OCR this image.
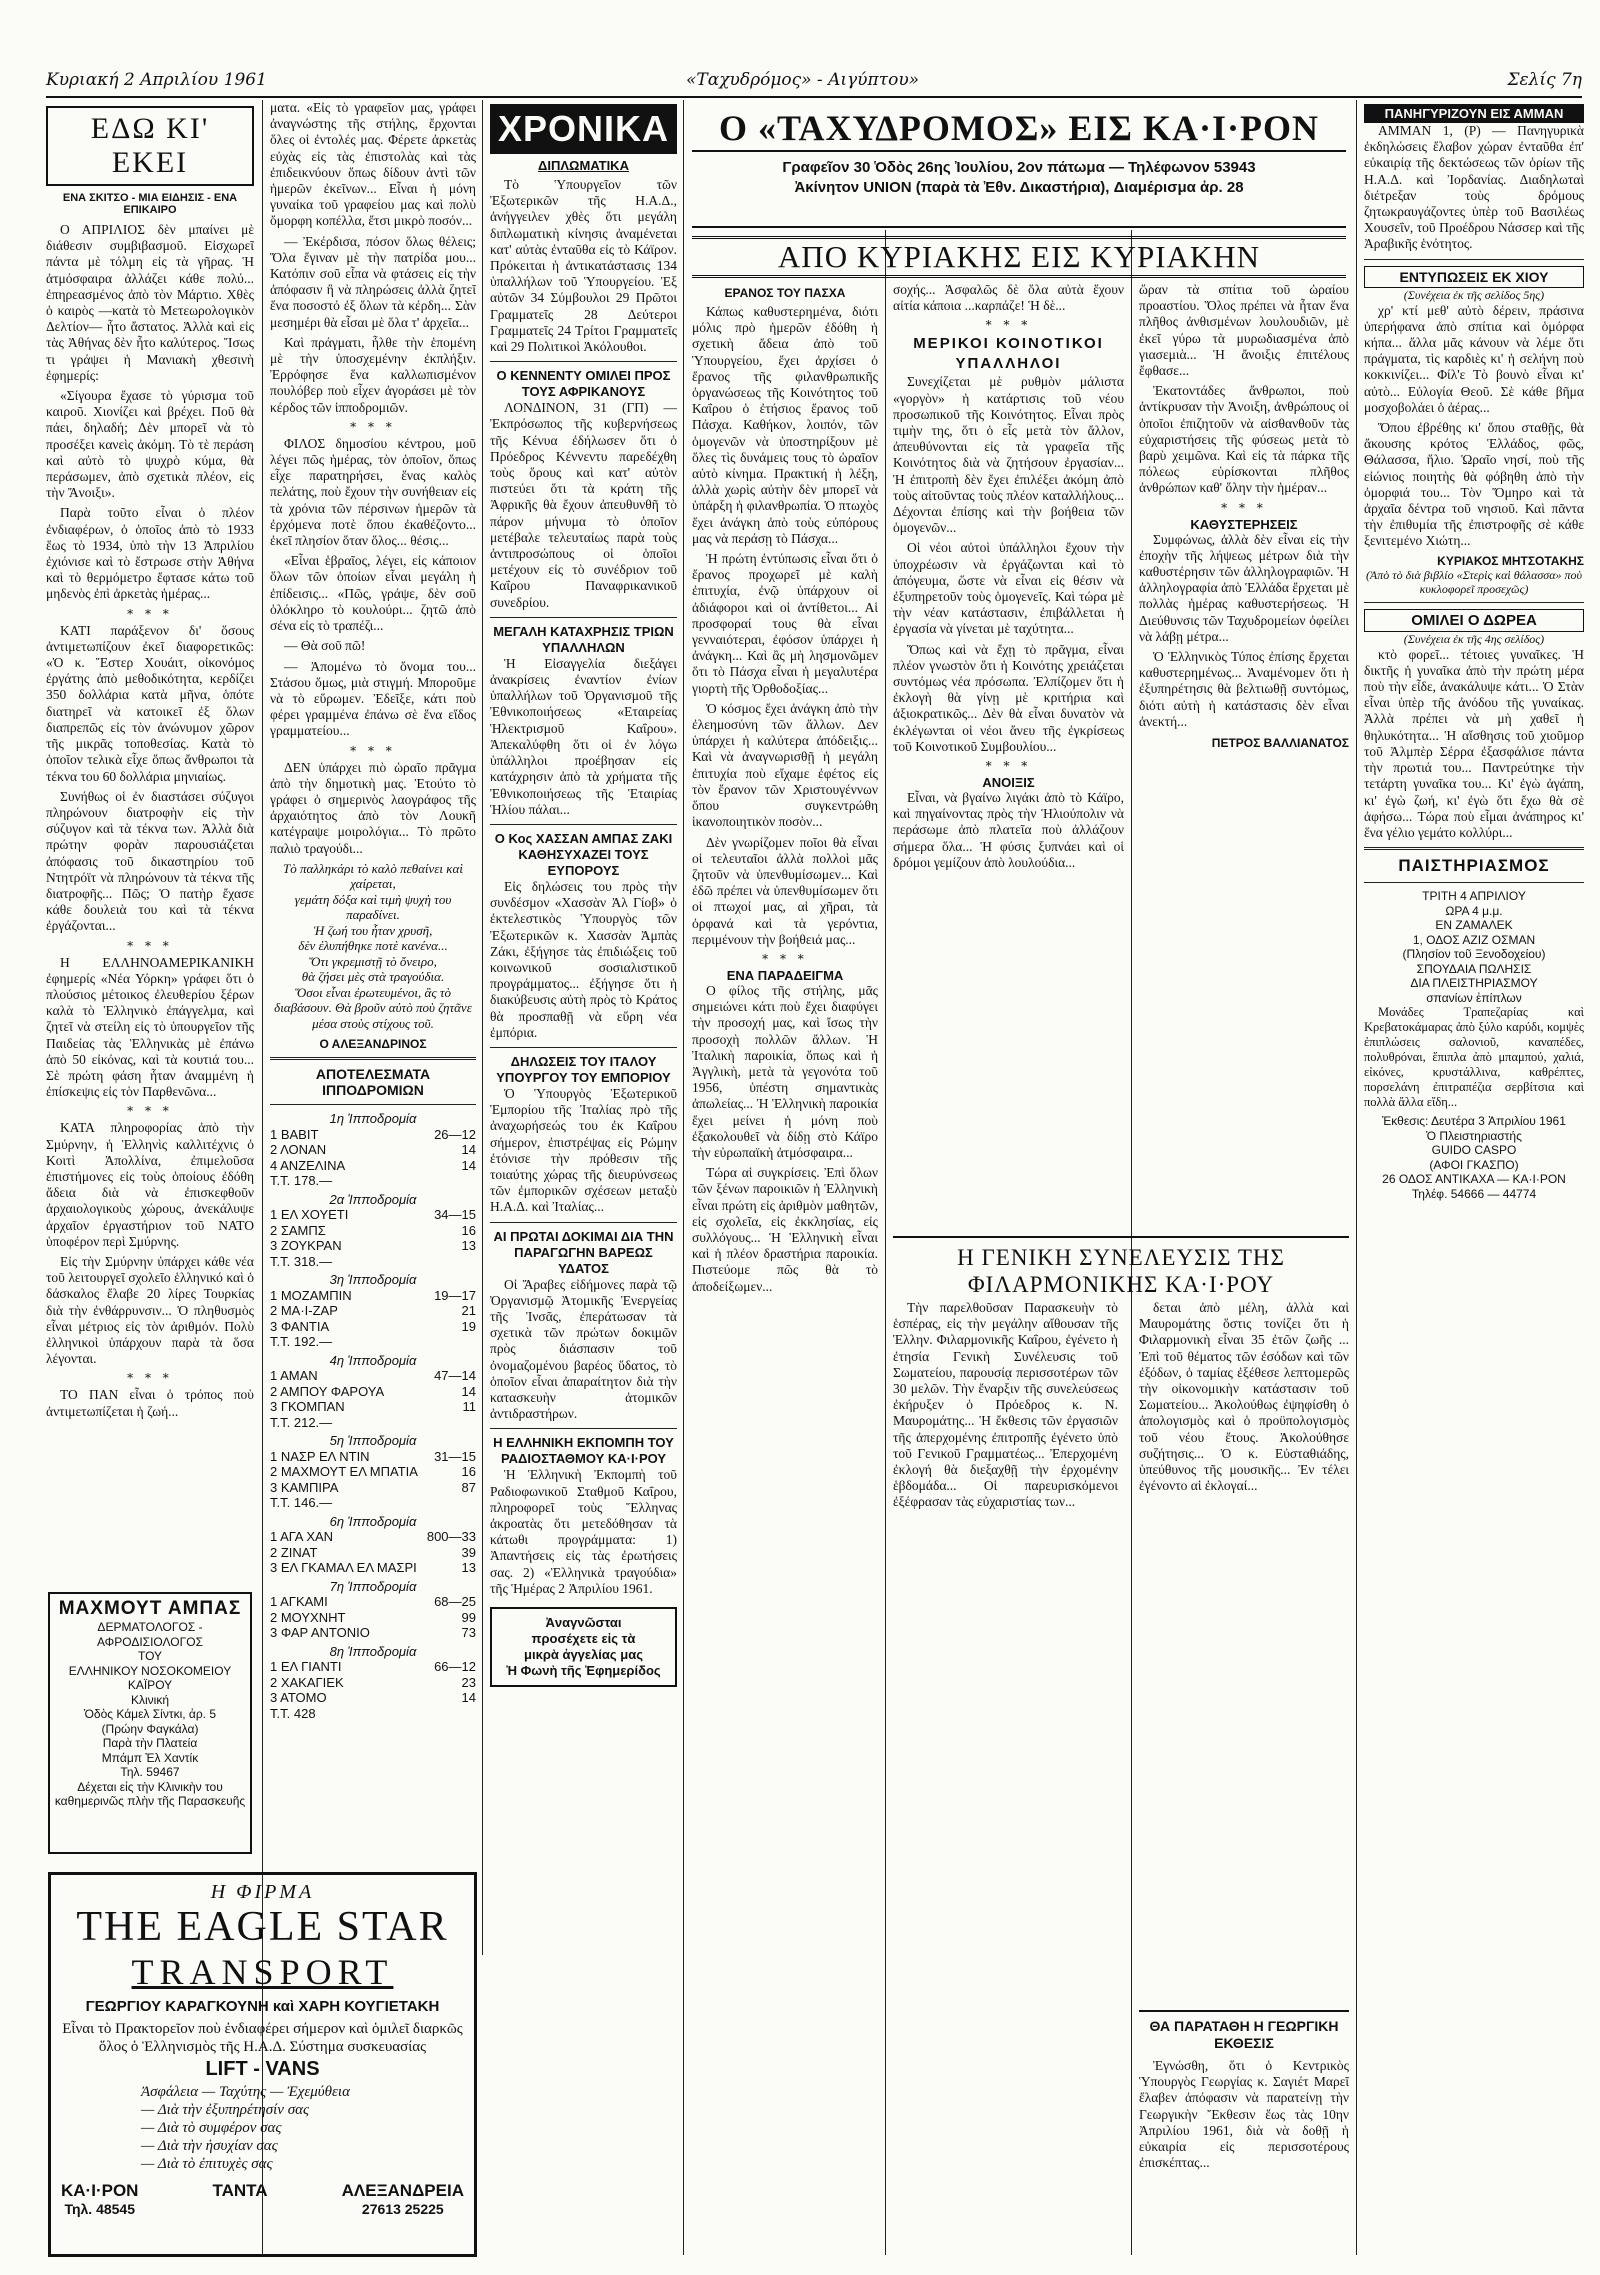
Κυριακή 2 Απριλίου 1961	«Ταχυδρόμος» - Αιγύπτου»	Σελίς 7η
ΕΔΩ ΚΙ' ΕΚΕΙ
ΕΝΑ ΣΚΙΤΣΟ - ΜΙΑ ΕΙΔΗΣΙΣ - ΕΝΑ ΕΠΙΚΑΙΡΟ

Ο ΑΠΡΙΛΙΟΣ δὲν μπαίνει μὲ διάθεσιν συμβιβασμοῦ. Εἰσχωρεῖ πάντα μὲ τόλμη εἰς τὰ γῆρας. Ἡ ἀτμόσφαιρα ἀλλάζει κάθε πολύ... ἐπηρεασμένος ἀπὸ τὸν Μάρτιο. Χθὲς ὁ καιρὸς —κατὰ τὸ Μετεωρολογικὸν Δελτίον— ἦτο ἄστατος. Ἀλλὰ καὶ εἰς τὰς Ἀθήνας δὲν ἦτο καλύτερος. Ἴσως τι γράψει ἡ Μανιακὴ χθεσινὴ ἐφημερίς:

«Σίγουρα ἔχασε τὸ γύρισμα τοῦ καιροῦ. Χιονίζει καὶ βρέχει. Ποῦ θὰ πάει, δηλαδή; Δὲν μπορεῖ νὰ τὸ προσέξει κανεὶς ἀκόμη. Τὸ τὲ περάση καὶ αὐτὸ τὸ ψυχρὸ κύμα, θὰ περάσωμεν, ἀπὸ σχετικὰ πλέον, εἰς τὴν Ἄνοιξι».

Παρὰ τοῦτο εἶναι ὁ πλέον ἐνδιαφέρων, ὁ ὁποῖος ἀπὸ τὸ 1933 ἕως τὸ 1934, ὑπὸ τὴν 13 Ἀπριλίου ἐχιόνισε καὶ τὸ ἔστρωσε στὴν Ἀθήνα καὶ τὸ θερμόμετρο ἔφτασε κάτω τοῦ μηδενὸς ἐπὶ ἀρκετὰς ἡμέρας...

* * *

ΚΑΤΙ παράξενον δι' ὅσους ἀντιμετωπίζουν ἐκεῖ διαφορετικῶς: «Ὁ κ. Ἔστερ Χουάιτ, οἰκονόμος ἐργάτης ἀπὸ μεθοδικότητα, κερδίζει 350 δολλάρια κατὰ μῆνα, ὁπότε διατηρεῖ νὰ κατοικεῖ ἐξ ὅλων διαπρεπῶς εἰς τὸν ἀνώνυμον χῶρον τῆς μικρᾶς τοποθεσίας. Κατὰ τὸ ὁποῖον τελικὰ εἶχε ὅπως ἄνθρωποι τὰ τέκνα του 60 δολλάρια μηνιαίως.

Συνήθως οἱ ἐν διαστάσει σύζυγοι πληρώνουν διατροφὴν εἰς τὴν σύζυγον καὶ τὰ τέκνα των. Ἀλλὰ διὰ πρώτην φορὰν παρουσιάζεται ἀπόφασις τοῦ δικαστηρίου τοῦ Ντητρόϊτ νὰ πληρώνουν τὰ τέκνα τῆς διατροφῆς... Πῶς; Ὁ πατὴρ ἔχασε κάθε δουλειὰ του καὶ τὰ τέκνα ἐργάζονται...

* * *

Η ΕΛΛΗΝΟΑΜΕΡΙΚΑΝΙΚΗ ἐφημερίς «Νέα Υόρκη» γράφει ὅτι ὁ πλούσιος μέτοικος ἐλευθερίου ξέρων καλὰ τὸ Ἑλληνικὸ ἐπάγγελμα, καὶ ζητεῖ νὰ στείλη εἰς τὸ ὑπουργεῖον τῆς Παιδείας τὰς Ἑλληνικὰς μὲ ἐπάνω ἀπὸ 50 εἰκόνας, καὶ τὰ κουτιά του... Σὲ πρώτη φάση ἦταν ἀναμμένη ἡ ἐπίσκεψις εἰς τὸν Παρθενῶνα...

* * *

ΚΑΤΑ πληροφορίας ἀπὸ τὴν Σμύρνην, ἡ Ἑλληνὶς καλλιτέχνις ὁ Κοιτὶ Ἀπολλίνα, ἐπιμελοῦσα ἐπιστήμονες εἰς τοὺς ὁποίους ἐδόθη ἄδεια διὰ νὰ ἐπισκεφθοῦν ἀρχαιολογικοὺς χώρους, ἀνεκάλυψε ἀρχαῖον ἐργαστήριον τοῦ ΝΑΤΟ ὑποφέρον περὶ Σμύρνης.

Εἰς τὴν Σμύρνην ὑπάρχει κάθε νέα τοῦ λειτουργεῖ σχολεῖο ἑλληνικό καὶ ὁ δάσκαλος ἔλαβε 20 λίρες Τουρκίας διὰ τὴν ἐνθάρρυνσιν... Ὁ πληθυσμὸς εἶναι μέτριος εἰς τὸν ἀριθμόν. Πολὺ ἐλληνικοὶ ὑπάρχουν παρὰ τὰ ὅσα λέγονται.

* * *

ΤΟ ΠΑΝ εἶναι ὁ τρόπος ποὺ ἀντιμετωπίζεται ἡ ζωή...

ΜΑΧΜΟΥΤ ΑΜΠΑΣ
ΔΕΡΜΑΤΟΛΟΓΟΣ -
ΑΦΡΟΔΙΣΙΟΛΟΓΟΣ
ΤΟΥ
ΕΛΛΗΝΙΚΟΥ ΝΟΣΟΚΟΜΕΙΟΥ
ΚΑΪΡΟΥ
Κλινική
Ὁδὸς Κάμελ Σίντκι, ἀρ. 5
(Πρώην Φαγκάλα)
Παρὰ τὴν Πλατεία
Μπάμπ Ἐλ Χαντίκ
Τηλ. 59467
Δέχεται εἰς τὴν Κλινικὴν του καθημερινῶς πλὴν τῆς Παρασκευῆς

ματα. «Εἰς τὸ γραφεῖον μας, γράφει ἀναγνώστης τῆς στήλης, ἔρχονται ὅλες οἱ ἐντολές μας. Φέρετε ἀρκετὰς εὐχὰς εἰς τὰς ἐπιστολὰς καὶ τὰς ἐπιδεικνύουν ὅπως δίδουν ἀντὶ τῶν ἡμερῶν ἐκεῖνων... Εἶναι ἡ μόνη γυναίκα τοῦ γραφείου μας καὶ πολὺ ὄμορφη κοπέλλα, ἔτσι μικρὸ ποσόν...

— Ἐκέρδισα, πόσον ὅλως θέλεις; Ὅλα ἔγιναν μὲ τὴν πατρίδα μου... Κατόπιν σοῦ εἶπα νὰ φτάσεις εἰς τὴν ἀπόφασιν ἢ νὰ πληρώσεις ἀλλὰ ζητεῖ ἕνα ποσοστό ἐξ ὅλων τὰ κέρδη... Σὰν μεσημέρι θὰ εἶσαι μὲ ὅλα τ' ἀρχεῖα...

Καὶ πράγματι, ἦλθε τὴν ἑπομένη μὲ τὴν ὑποσχεμένην ἐκπλήξιν. Ἐρρόφησε ἕνα καλλωπισμένον πουλόβερ ποὺ εἶχεν ἀγοράσει μὲ τὸν κέρδος τῶν ἱπποδρομιῶν.

* * *

ΦΙΛΟΣ δημοσίου κέντρου, μοῦ λέγει πῶς ἡμέρας, τὸν ὁποῖον, ὅπως εἶχε παρατηρήσει, ἕνας καλὸς πελάτης, ποὺ ἔχουν τὴν συνήθειαν εἰς τὰ χρόνια τῶν πέρσινων ἡμερῶν τὰ ἐρχόμενα ποτὲ ὅπου ἐκαθέζοντο... ἐκεῖ πλησίον ὅταν ὅλος... θέσις...

«Εἶναι ἑβραῖος, λέγει, εἰς κάποιον ὅλων τῶν ὁποίων εἶναι μεγάλη ἡ ἐπίδεισις... «Πῶς, γράψε, δὲν σοῦ ὁλόκληρο τὸ κουλούρι... ζητῶ ἀπὸ σένα εἰς τὸ τραπέζι...

— Θὰ σοῦ πῶ!

— Ἀπομένω τὸ ὄνομα του... Στάσου ὅμως, μιὰ στιγμή. Μποροῦμε νὰ τὸ εὕρωμεν. Ἐδεῖξε, κάτι ποὺ φέρει γραμμένα ἐπάνω σὲ ἕνα εἴδος γραμματείου...

* * *

ΔΕΝ ὑπάρχει πιὸ ὡραῖο πρᾶγμα ἀπὸ τὴν δημοτικὴ μας. Ἐτούτο τὸ γράφει ὁ σημερινὸς λαογράφος τῆς ἀρχαιότητος ἀπὸ τὸν Λουκῆ κατέγραψε μοιρολόγια... Τὸ πρῶτο παλιὸ τραγούδι...

Τὸ παλληκάρι τὸ καλὸ πεθαίνει καὶ χαίρεται,
γεμάτη δόξα καὶ τιμὴ ψυχὴ του παραδίνει.
Ἡ ζωή του ἦταν χρυσῆ,
δὲν ἐλυπήθηκε ποτὲ κανένα...
Ὅτι γκρεμιστῇ τὸ ὄνειρο,
θὰ ζήσει μὲς στὰ τραγούδια.
Ὅσοι εἶναι ἐρωτευμένοι, ἂς τὸ διαβάσουν. Θὰ βροῦν αὐτὸ ποὺ ζητᾶνε μέσα στοὺς στίχους τοῦ.
Ο ΑΛΕΞΑΝΔΡΙΝΟΣ
ΑΠΟΤΕΛΕΣΜΑΤΑ ΙΠΠΟΔΡΟΜΙΩΝ
1η Ἱπποδρομία
1 ΒΑΒΙΤ	26—12
2 ΛΟΝΑΝ	14
4 ΑΝΖΕΛΙΝΑ	14
Τ.Τ. 178.—
2α Ἱπποδρομία
1 ΕΛ ΧΟΥΕΤΙ	34—15
2 ΣΑΜΠΣ	16
3 ΖΟΥΚΡΑΝ	13
Τ.Τ. 318.—
3η Ἱπποδρομία
1 ΜΟΖΑΜΠΙΝ	19—17
2 ΜΑ·Ι-ΖΑΡ	21
3 ΦΑΝΤΙΑ	19
Τ.Τ. 192.—
4η Ἱπποδρομία
1 ΑΜΑΝ	47—14
2 ΑΜΠΟΥ ΦΑΡΟΥΑ	14
3 ΓΚΟΜΠΑΝ	11
Τ.Τ. 212.—
5η Ἱπποδρομία
1 ΝΑΣΡ ΕΛ ΝΤΙΝ	31—15
2 ΜΑΧΜΟΥΤ ΕΛ ΜΠΑΤΙΑ	16
3 ΚΑΜΠΙΡΑ	87
Τ.Τ. 146.—
6η Ἱπποδρομία
1 ΑΓΑ ΧΑΝ	800—33
2 ΖΙΝΑΤ	39
3 ΕΛ ΓΚΑΜΑΛ ΕΛ ΜΑΣΡΙ	13
7η Ἱπποδρομία
1 ΑΓΚΑΜΙ	68—25
2 ΜΟΥΧΝΗΤ	99
3 ΦΑΡ ΑΝΤΟΝΙΟ	73
8η Ἱπποδρομία
1 ΕΛ ΓΙΑΝΤΙ	66—12
2 ΧΑΚΑΓΙΕΚ	23
3 ΑΤΟΜΟ	14
Τ.Τ. 428
Η ΦΙΡΜΑ
THE EAGLE STAR
TRANSPORT
ΓΕΩΡΓΙΟΥ ΚΑΡΑΓΚΟΥΝΗ καὶ ΧΑΡΗ ΚΟΥΓΙΕΤΑΚΗ
Εἶναι τὸ Πρακτορεῖον ποὺ ἐνδιαφέρει σήμερον καὶ ὁμιλεῖ διαρκῶς ὅλος ὁ Ἑλληνισμὸς τῆς Η.Α.Δ. Σύστημα συσκευασίας
LIFT - VANS
Ἀσφάλεια — Ταχύτης — Ἐχεμύθεια
— Διὰ τὴν ἐξυπηρέτησίν σας
— Διὰ τὸ συμφέρον σας
— Διὰ τὴν ἡσυχίαν σας
— Διὰ τὸ ἐπιτυχὲς σας
ΚΑ·Ι·ΡΟΝ
Τηλ. 48545
ΤΑΝΤΑ	ΑΛΕΞΑΝΔΡΕΙΑ
27613 25225
ΧΡΟΝΙΚΑ
ΔΙΠΛΩΜΑΤΙΚΑ

Τὸ Ὑπουργεῖον τῶν Ἐξωτερικῶν τῆς Η.Α.Δ., ἀνήγγειλεν χθὲς ὅτι μεγάλη διπλωματικὴ κίνησις ἀναμένεται κατ' αὐτὰς ἐνταῦθα εἰς τὸ Κάϊρον. Πρόκειται ἡ ἀντικατάστασις 134 ὑπαλλήλων τοῦ Ὑπουργείου. Ἐξ αὐτῶν 34 Σύμβουλοι 29 Πρῶτοι Γραμματεῖς 28 Δεύτεροι Γραμματεῖς 24 Τρίτοι Γραμματεῖς καὶ 29 Πολιτικοὶ Ἀκόλουθοι.

Ο ΚΕΝΝΕΝΤΥ ΟΜΙΛΕΙ ΠΡΟΣ ΤΟΥΣ ΑΦΡΙΚΑΝΟΥΣ

ΛΟΝΔΙΝΟΝ, 31 (ΓΠ) — Ἐκπρόσωπος τῆς κυβερνήσεως τῆς Κένυα ἐδήλωσεν ὅτι ὁ Πρόεδρος Κέννεντυ παρεδέχθη τοὺς ὅρους καὶ κατ' αὐτὸν πιστεύει ὅτι τὰ κράτη τῆς Ἀφρικῆς θὰ ἔχουν ἀπευθυνθῆ τὸ πάρον μήνυμα τὸ ὁποῖον μετέβαλε τελευταίως παρὰ τοὺς ἀντιπροσώπους οἱ ὁποῖοι μετέχουν εἰς τὸ συνέδριον τοῦ Καΐρου Παναφρικανικοῦ συνεδρίου.

ΜΕΓΑΛΗ ΚΑΤΑΧΡΗΣΙΣ ΤΡΙΩΝ ΥΠΑΛΛΗΛΩΝ

Ἡ Εἰσαγγελία διεξάγει ἀνακρίσεις ἐναντίον ἐνίων ὑπαλλήλων τοῦ Ὀργανισμοῦ τῆς Ἐθνικοποιήσεως «Εταιρείας Ἡλεκτρισμοῦ Καΐρου». Ἀπεκαλύφθη ὅτι οἱ ἐν λόγω ὑπάλληλοι προέβησαν εἰς κατάχρησιν ἀπὸ τὰ χρήματα τῆς Ἐθνικοποιήσεως τῆς Ἑταιρίας Ἡλίου πάλαι...

Ο Κος ΧΑΣΣΑΝ ΑΜΠΑΣ ΖΑΚΙ ΚΑΘΗΣΥΧΑΖΕΙ ΤΟΥΣ ΕΥΠΟΡΟΥΣ

Εἰς δηλώσεις του πρὸς τὴν συνδέσμον «Χασσὰν Ἀλ Γίοβ» ὁ ἐκτελεστικὸς Ὑπουργὸς τῶν Ἐξωτερικῶν κ. Χασσὰν Ἀμπὰς Ζάκι, ἐξήγησε τὰς ἐπιδιώξεις τοῦ κοινωνικοῦ σοσιαλιστικοῦ προγράμματος... ἐξήγησε ὅτι ἡ διακύβευσις αὐτὴ πρὸς τὸ Κράτος θὰ προσπαθῇ νὰ εὕρη νέα ἐμπόρια.

ΔΗΛΩΣΕΙΣ ΤΟΥ ΙΤΑΛΟΥ ΥΠΟΥΡΓΟΥ ΤΟΥ ΕΜΠΟΡΙΟΥ

Ὁ Ὑπουργὸς Ἐξωτερικοῦ Ἐμπορίου τῆς Ἰταλίας πρὸ τῆς ἀναχωρήσεώς του ἐκ Καΐρου σήμερον, ἐπιστρέψας εἰς Ρώμην ἐτόνισε τὴν πρόθεσιν τῆς τοιαύτης χώρας τῆς διευρύνσεως τῶν ἐμπορικῶν σχέσεων μεταξὺ Η.Α.Δ. καὶ Ἰταλίας...

ΑΙ ΠΡΩΤΑΙ ΔΟΚΙΜΑΙ ΔΙΑ ΤΗΝ ΠΑΡΑΓΩΓΗΝ ΒΑΡΕΩΣ ΥΔΑΤΟΣ

Οἱ Ἄραβες εἰδήμονες παρὰ τῷ Ὀργανισμῷ Ἀτομικῆς Ἐνεργείας τῆς Ἰνσᾶς, ἐπεράτωσαν τὰ σχετικὰ τῶν πρώτων δοκιμῶν πρὸς διάσπασιν τοῦ ὀνομαζομένου βαρέος ὕδατος, τὸ ὁποῖον εἶναι ἀπαραίτητον διὰ τὴν κατασκευὴν ἀτομικῶν ἀντιδραστήρων.

Η ΕΛΛΗΝΙΚΗ ΕΚΠΟΜΠΗ ΤΟΥ ΡΑΔΙΟΣΤΑΘΜΟΥ ΚΑ·Ι·ΡΟΥ

Ἡ Ἑλληνικὴ Ἐκπομπὴ τοῦ Ραδιοφωνικοῦ Σταθμοῦ Καΐρου, πληροφορεῖ τοὺς Ἕλληνας ἀκροατὰς ὅτι μετεδόθησαν τὰ κάτωθι προγράμματα: 1) Ἀπαντήσεις εἰς τὰς ἐρωτήσεις σας. 2) «Ἐλληνικὰ τραγούδια» τῆς Ἡμέρας 2 Ἀπριλίου 1961.

Ἀναγνῶσται
προσέχετε εἰς τὰ
μικρὰ ἀγγελίας μας
Ἡ Φωνὴ τῆς Ἐφημερίδος
Ο «ΤΑΧΥΔΡΟΜΟΣ» ΕΙΣ ΚΑ·Ι·ΡΟΝ
Γραφεῖον 30 Ὁδὸς 26ης Ἰουλίου, 2ον πάτωμα — Τηλέφωνον 53943
Ἀκίνητον UNION (παρὰ τὰ Ἐθν. Δικαστήρια), Διαμέρισμα ἀρ. 28
ΑΠΟ ΚΥΡΙΑΚΗΣ ΕΙΣ ΚΥΡΙΑΚΗΝ
ΕΡΑΝΟΣ ΤΟΥ ΠΑΣΧΑ

Κάπως καθυστερημένα, διότι μόλις πρὸ ἡμερῶν ἐδόθη ἡ σχετικὴ ἄδεια ἀπὸ τοῦ Ὑπουργείου, ἔχει ἀρχίσει ὁ ἔρανος τῆς φιλανθρωπικῆς ὀργανώσεως τῆς Κοινότητος τοῦ Καΐρου ὁ ἐτήσιος ἔρανος τοῦ Πάσχα. Καθήκον, λοιπόν, τῶν ὁμογενῶν νὰ ὑποστηρίξουν μὲ ὅλες τὶς δυνάμεις τους τὸ ὡραῖον αὐτὸ κίνημα. Πρακτική ἡ λέξη, ἀλλὰ χωρὶς αὐτὴν δὲν μπορεῖ νὰ ὑπάρξη ἡ φιλανθρωπία. Ὁ πτωχὸς ἔχει ἀνάγκη ἀπὸ τοὺς εὐπόρους μας νὰ περάσῃ τὸ Πάσχα...

Ἡ πρώτη ἐντύπωσις εἶναι ὅτι ὁ ἔρανος προχωρεῖ μὲ καλὴ ἐπιτυχία, ἐνῷ ὑπάρχουν οἱ ἀδιάφοροι καὶ οἱ ἀντίθετοι... Αἱ προσφοραί τους θὰ εἶναι γενναιότεραι, ἐφόσον ὑπάρχει ἡ ἀνάγκη... Καὶ ἂς μὴ λησμονῶμεν ὅτι τὸ Πάσχα εἶναι ἡ μεγαλυτέρα γιορτὴ τῆς Ὀρθοδοξίας...

Ὁ κόσμος ἔχει ἀνάγκη ἀπὸ τὴν ἐλεημοσύνη τῶν ἄλλων. Δεν ὑπάρχει ἡ καλύτερα ἀπόδειξις... Καὶ νὰ ἀναγνωρισθῇ ἡ μεγάλη ἐπιτυχία ποὺ εἴχαμε ἐφέτος εἰς τὸν ἔρανον τῶν Χριστουγέννων ὅπου συγκεντρώθη ἱκανοποιητικὸν ποσὸν...

Δὲν γνωρίζομεν ποῖοι θὰ εἶναι οἱ τελευταῖοι ἀλλὰ πολλοὶ μᾶς ζητοῦν νὰ ὑπενθυμίσωμεν... Καὶ ἐδῶ πρέπει νὰ ὑπενθυμίσωμεν ὅτι οἱ πτωχοί μας, αἱ χῆραι, τὰ ὀρφανά καὶ τὰ γερόντια, περιμένουν τὴν βοήθειά μας...

* * *
ΕΝΑ ΠΑΡΑΔΕΙΓΜΑ

Ο φίλος τῆς στήλης, μᾶς σημειώνει κάτι ποὺ ἔχει διαφύγει τὴν προσοχή μας, καὶ ἴσως τὴν προσοχὴ πολλῶν ἄλλων. Ἡ Ἰταλικὴ παροικία, ὅπως καὶ ἡ Ἀγγλικὴ, μετὰ τὰ γεγονότα τοῦ 1956, ὑπέστη σημαντικὰς ἀπωλείας... Ἡ Ἑλληνικὴ παροικία ἔχει μείνει ἡ μόνη ποὺ ἐξακολουθεῖ νὰ δίδῃ στὸ Κάϊρο τὴν εὐρωπαϊκὴ ἀτμόσφαιρα...

Τώρα αἱ συγκρίσεις. Ἐπὶ ὅλων τῶν ξένων παροικιῶν ἡ Ἑλληνικὴ εἶναι πρώτη εἰς ἀριθμὸν μαθητῶν, εἰς σχολεῖα, εἰς ἐκκλησίας, εἰς συλλόγους... Ἡ Ἑλληνικὴ εἶναι καὶ ἡ πλέον δραστήρια παροικία. Πιστεύομε πῶς θὰ τὸ ἀποδείξωμεν...

σοχής... Ἀσφαλῶς δὲ ὅλα αὐτὰ ἔχουν αἰτία κάποια ...καρπάζε! Ἡ δὲ...

* * *
ΜΕΡΙΚΟΙ ΚΟΙΝΟΤΙΚΟΙ ΥΠΑΛΛΗΛΟΙ

Συνεχίζεται μὲ ρυθμὸν μάλιστα «γοργὸν» ἡ κατάρτισις τοῦ νέου προσωπικοῦ τῆς Κοινότητος. Εἶναι πρὸς τιμὴν της, ὅτι ὁ εἷς μετὰ τὸν ἄλλον, ἀπευθύνονται εἰς τὰ γραφεῖα τῆς Κοινότητος διὰ νὰ ζητήσουν ἐργασίαν... Ἡ ἐπιτροπὴ δὲν ἔχει ἐπιλέξει ἀκόμη ἀπὸ τοὺς αἰτοῦντας τοὺς πλέον καταλλήλους... Δέχονται ἐπίσης καὶ τὴν βοήθεια τῶν ὁμογενῶν...

Οἱ νέοι αὐτοὶ ὑπάλληλοι ἔχουν τὴν ὑποχρέωσιν νὰ ἐργάζωνται καὶ τὸ ἀπόγευμα, ὥστε νὰ εἶναι εἰς θέσιν νὰ ἐξυπηρετοῦν τοὺς ὁμογενεῖς. Καὶ τώρα μὲ τὴν νέαν κατάστασιν, ἐπιβάλλεται ἡ ἐργασία νὰ γίνεται μὲ ταχύτητα...

Ὅπως καὶ νὰ ἔχῃ τὸ πρᾶγμα, εἶναι πλέον γνωστὸν ὅτι ἡ Κοινότης χρειάζεται συντόμως νέα πρόσωπα. Ἐλπίζομεν ὅτι ἡ ἐκλογὴ θὰ γίνῃ μὲ κριτήρια καὶ ἀξιοκρατικῶς... Δὲν θὰ εἶναι δυνατὸν νὰ ἐκλέγωνται οἱ νέοι ἄνευ τῆς ἐγκρίσεως τοῦ Κοινοτικοῦ Συμβουλίου...

* * *
ΑΝΟΙΞΙΣ

Εἶναι, νὰ βγαίνω λιγάκι ἀπὸ τὸ Κάϊρο, καὶ πηγαίνοντας πρὸς τὴν Ἡλιούπολιν νὰ περάσωμε ἀπὸ πλατεῖα ποὺ ἀλλάζουν σήμερα ὅλα... Ἡ φύσις ξυπνάει καὶ οἱ δρόμοι γεμίζουν ἀπὸ λουλούδια...

ὥραν τὰ σπίτια τοῦ ὡραίου προαστίου. Ὅλος πρέπει νὰ ἦταν ἕνα πλῆθος ἀνθισμένων λουλουδιῶν, μὲ ἐκεῖ γύρω τὰ μυρωδιασμένα ἀπὸ γιασεμιὰ... Ἡ ἄνοιξις ἐπιτέλους ἔφθασε...

Ἐκατοντάδες ἄνθρωποι, ποὺ ἀντίκρυσαν τὴν Ἀνοιξη, ἀνθρώπους οἱ ὁποῖοι ἐπιζητοῦν νὰ αἰσθανθοῦν τὰς εὐχαριστήσεις τῆς φύσεως μετὰ τὸ βαρὺ χειμῶνα. Καὶ εἰς τὰ πάρκα τῆς πόλεως εὑρίσκονται πλῆθος ἀνθρώπων καθ' ὅλην τὴν ἡμέραν...

* * *
ΚΑΘΥΣΤΕΡΗΣΕΙΣ

Συμφώνως, ἀλλὰ δὲν εἶναι εἰς τὴν ἐποχὴν τῆς λήψεως μέτρων διὰ τὴν καθυστέρησιν τῶν ἀλληλογραφιῶν. Ἡ ἀλληλογραφία ἀπὸ Ἑλλάδα ἔρχεται μὲ πολλὰς ἡμέρας καθυστερήσεως. Ἡ Διεύθυνσις τῶν Ταχυδρομείων ὀφείλει νὰ λάβῃ μέτρα...

Ὁ Ἑλληνικὸς Τύπος ἐπίσης ἔρχεται καθυστερημένως... Ἀναμένομεν ὅτι ἡ ἐξυπηρέτησις θὰ βελτιωθῇ συντόμως, διότι αὐτὴ ἡ κατάστασις δὲν εἶναι ἀνεκτή...

ΠΕΤΡΟΣ ΒΑΛΛΙΑΝΑΤΟΣ
Η ΓΕΝΙΚΗ ΣΥΝΕΛΕΥΣΙΣ ΤΗΣ ΦΙΛΑΡΜΟΝΙΚΗΣ ΚΑ·Ι·ΡΟΥ

Τὴν παρελθοῦσαν Παρασκευὴν τὸ ἑσπέρας, εἰς τὴν μεγάλην αἴθουσαν τῆς Ἑλλην. Φιλαρμονικῆς Καΐρου, ἐγένετο ἡ ἐτησία Γενικὴ Συνέλευσις τοῦ Σωματείου, παρουσίᾳ περισσοτέρων τῶν 30 μελῶν. Τὴν ἔναρξιν τῆς συνελεύσεως ἐκήρυξεν ὁ Πρόεδρος κ. Ν. Μαυρομάτης... Ἡ ἔκθεσις τῶν ἐργασιῶν τῆς ἀπερχομένης ἐπιτροπῆς ἐγένετο ὑπὸ τοῦ Γενικοῦ Γραμματέως... Ἐπερχομένη ἐκλογή θὰ διεξαχθῇ τὴν ἐρχομένην ἑβδομάδα... Οἱ παρευρισκόμενοι ἐξέφρασαν τὰς εὐχαριστίας των...

δεται ἀπὸ μέλη, ἀλλὰ καὶ Μαυρομάτης ὅστις τονίζει ὅτι ἡ Φιλαρμονικὴ εἶναι 35 ἐτῶν ζωῆς ... Ἐπὶ τοῦ θέματος τῶν ἐσόδων καὶ τῶν ἐξόδων, ὁ ταμίας ἐξέθεσε λεπτομερῶς τὴν οἰκονομικὴν κατάστασιν τοῦ Σωματείου... Ἀκολούθως ἐψηφίσθη ὁ ἀπολογισμὸς καὶ ὁ προϋπολογισμὸς τοῦ νέου ἔτους. Ἀκολούθησε συζήτησις... Ὁ κ. Εὐσταθιάδης, ὑπεύθυνος τῆς μουσικῆς... Ἐν τέλει ἐγένοντο αἱ ἐκλογαί...

ΘΑ ΠΑΡΑΤΑΘΗ Η ΓΕΩΡΓΙΚΗ ΕΚΘΕΣΙΣ

Ἐγνώσθη, ὅτι ὁ Κεντρικὸς Ὑπουργὸς Γεωργίας κ. Σαγιέτ Μαρεῖ ἔλαβεν ἀπόφασιν νὰ παρατείνῃ τὴν Γεωργικὴν Ἔκθεσιν ἕως τὰς 10ην Ἀπριλίου 1961, διὰ νὰ δοθῇ ἡ εὐκαιρία εἰς περισσοτέρους ἐπισκέπτας...

ΠΑΝΗΓΥΡΙΖΟΥΝ ΕΙΣ ΑΜΜΑΝ

ΑΜΜΑΝ 1, (Ρ) — Πανηγυρικὰ ἐκδηλώσεις ἔλαβον χώραν ἐνταῦθα ἐπ' εὐκαιρίᾳ τῆς δεκτώσεως τῶν ὁρίων τῆς Η.Α.Δ. καὶ Ἰορδανίας. Διαδηλωταὶ διέτρεξαν τοὺς δρόμους ζητωκραυγάζοντες ὑπὲρ τοῦ Βασιλέως Χουσεΐν, τοῦ Προέδρου Νάσσερ καὶ τῆς Ἀραβικῆς ἑνότητος.

ΕΝΤΥΠΩΣΕΙΣ ΕΚ ΧΙΟΥ
(Συνέχεια ἐκ τῆς σελίδος 5ης)

χρ' κτί μεθ' αὐτὸ δέρειν, πράσινα ὑπερήφανα ἀπὸ σπίτια καὶ ὁμόρφα κήπα... ἄλλα μᾶς κάνουν νὰ λέμε ὅτι πράγματα, τὶς καρδιὲς κι' ἡ σελήνη ποὺ κοκκινίζει... Φίλ'ε Τὸ βουνὸ εἶναι κι' αὐτὸ... Εὐλογία Θεοῦ. Σὲ κάθε βῆμα μοσχοβολάει ὁ ἀέρας...

Ὅπου ἐβρέθης κι' ὅπου σταθῇς, θὰ ἄκουσης κρότος Ἑλλάδος, φῶς, Θάλασσα, ἥλιο. Ὡραῖο νησί, ποὺ τῆς εἰώνιος ποιητὴς θὰ φόβηθη ἀπὸ τὴν ὀμορφιά του... Τὸν Ὅμηρο καὶ τὰ ἀρχαῖα δέντρα τοῦ νησιοῦ. Καὶ πᾶντα τὴν ἐπιθυμία τῆς ἐπιστροφῆς σὲ κάθε ξενιτεμένο Χιώτη...

ΚΥΡΙΑΚΟΣ ΜΗΤΣΟΤΑΚΗΣ
(Ἀπὸ τὸ διὰ βιβλίο «Στερὶς καὶ θάλασσα» ποὺ κυκλοφορεῖ προσεχῶς)
ΟΜΙΛΕΙ Ο ΔΩΡΕΑ
(Συνέχεια ἐκ τῆς 4ης σελίδος)

κτὸ φορεῖ... τέτοιες γυναῖκες. Ἡ δικτῆς ἡ γυναῖκα ἀπὸ τὴν πρώτη μέρα ποὺ τὴν εἶδε, ἀνακάλυψε κάτι... Ὁ Στὰν εἶναι ὑπὲρ τῆς ἀνόδου τῆς γυναίκας. Ἀλλὰ πρέπει νὰ μὴ χαθεῖ ἡ θηλυκότητα... Ἡ αἴσθησις τοῦ χιοῦμορ τοῦ Ἀλμπὲρ Σέρρα ἐξασφάλισε πάντα τὴν πρωτιά του... Παντρεύτηκε τὴν τετάρτη γυναῖκα του... Κι' ἐγὼ ἀγάπη, κι' ἐγὼ ζωή, κι' ἐγὼ ὅτι ἔχω θὰ σὲ ἀφήσω... Τώρα ποὺ εἶμαι ἀνάπηρος κι' ἕνα γέλιο γεμάτο κολλύρι...

ΠΑΙΣΤΗΡΙΑΣΜΟΣ
ΤΡΙΤΗ 4 ΑΠΡΙΛΙΟΥ
ΩΡΑ 4 μ.μ.
ΕΝ ΖΑΜΑΛΕΚ
1, ΟΔΟΣ ΑΖΙΖ ΟΣΜΑΝ
(Πλησίον τοῦ Ξενοδοχείου)
ΣΠΟΥΔΑΙΑ ΠΩΛΗΣΙΣ
ΔΙΑ ΠΛΕΙΣΤΗΡΙΑΣΜΟΥ
σπανίων ἐπίπλων

Μονάδες Τραπεζαρίας καὶ Κρεβατοκάμαρας ἀπὸ ξύλο καρύδι, κομψὲς ἐπιπλώσεις σαλονιοῦ, καναπέδες, πολυθρόναι, ἕπιπλα ἀπὸ μπαμπού, χαλιά, εἰκόνες, κρυστάλλινα, καθρέπτες, πορσελάνη ἐπιτραπέζια σερβίτσια καὶ πολλὰ ἄλλα εἴδη...

Ἐκθεσις: Δευτέρα 3 Ἀπριλίου 1961
Ὁ Πλειστηριαστής
GUIDO CASPO
(ΑΦΟΙ ΓΚΑΣΠΟ)
26 ΟΔΟΣ ΑΝΤΙΚΑΧΑ — ΚΑ·Ι·ΡΟΝ
Τηλέφ. 54666 — 44774
